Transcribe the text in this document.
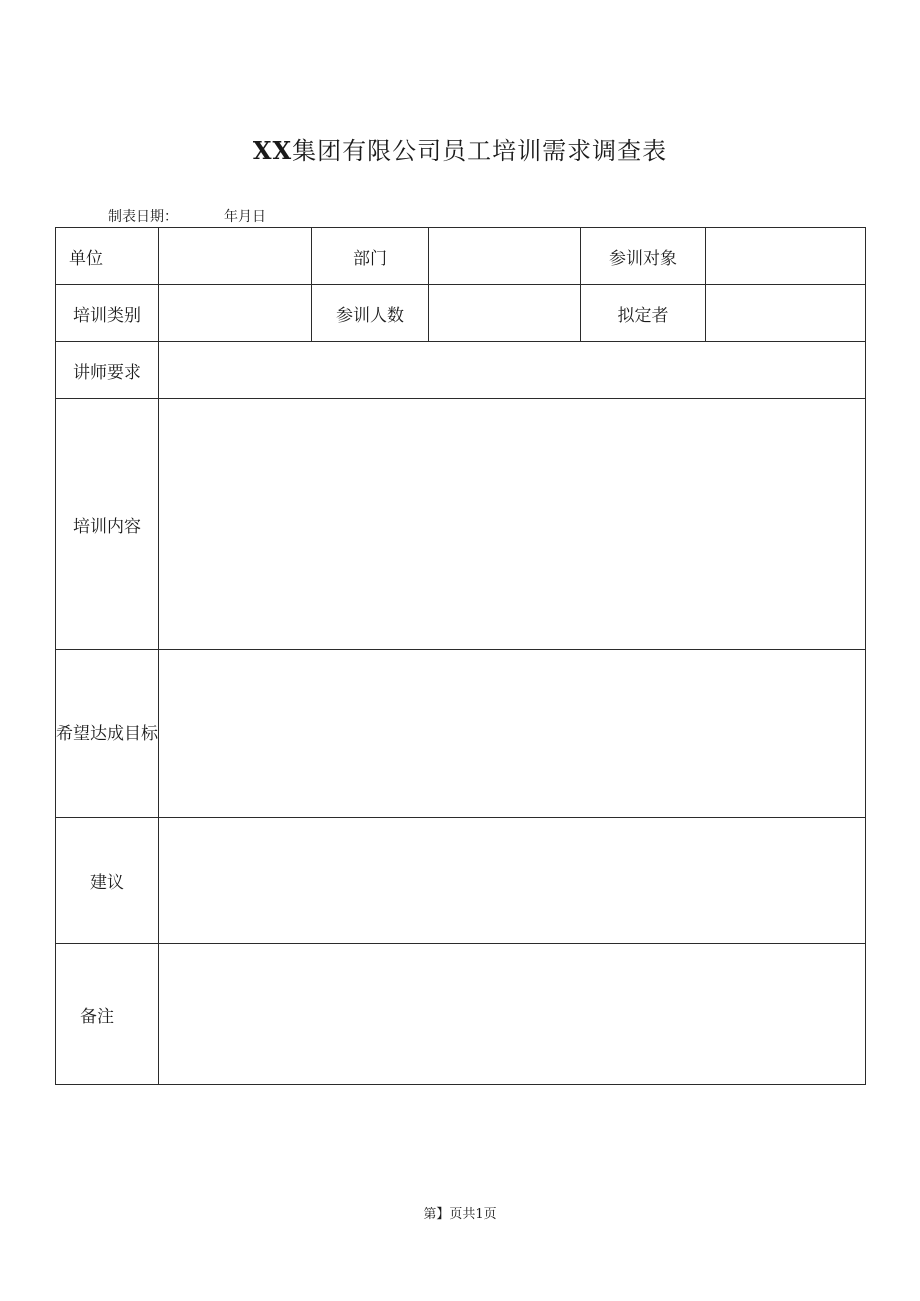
XX集团有限公司员工培训需求调查表
制表日期：	年月日
单位		部门		参训对象	
培训类别		参训人数		拟定者	
讲师要求					
培训内容					
希望达成目标					
建议					
备注					
第】页共1页
